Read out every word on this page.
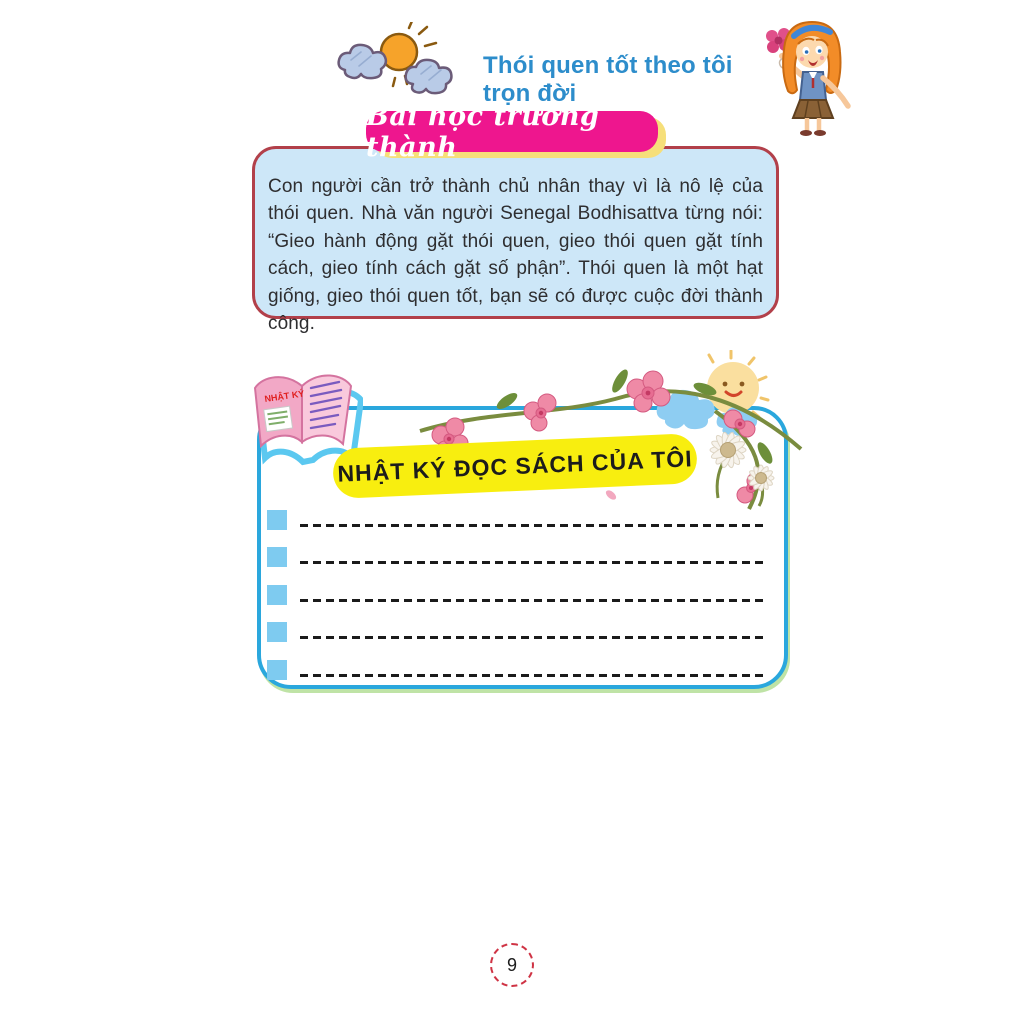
Thói quen tốt theo tôi trọn đời
Bài học trưởng thành

Con người cần trở thành chủ nhân thay vì là nô lệ của thói quen. Nhà văn người Senegal Bodhisattva từng nói: “Gieo hành động gặt thói quen, gieo thói quen gặt tính cách, gieo tính cách gặt số phận”. Thói quen là một hạt giống, gieo thói quen tốt, bạn sẽ có được cuộc đời thành công.

NHẬT KÝ
NHẬT KÝ ĐỌC SÁCH CỦA TÔI
9
